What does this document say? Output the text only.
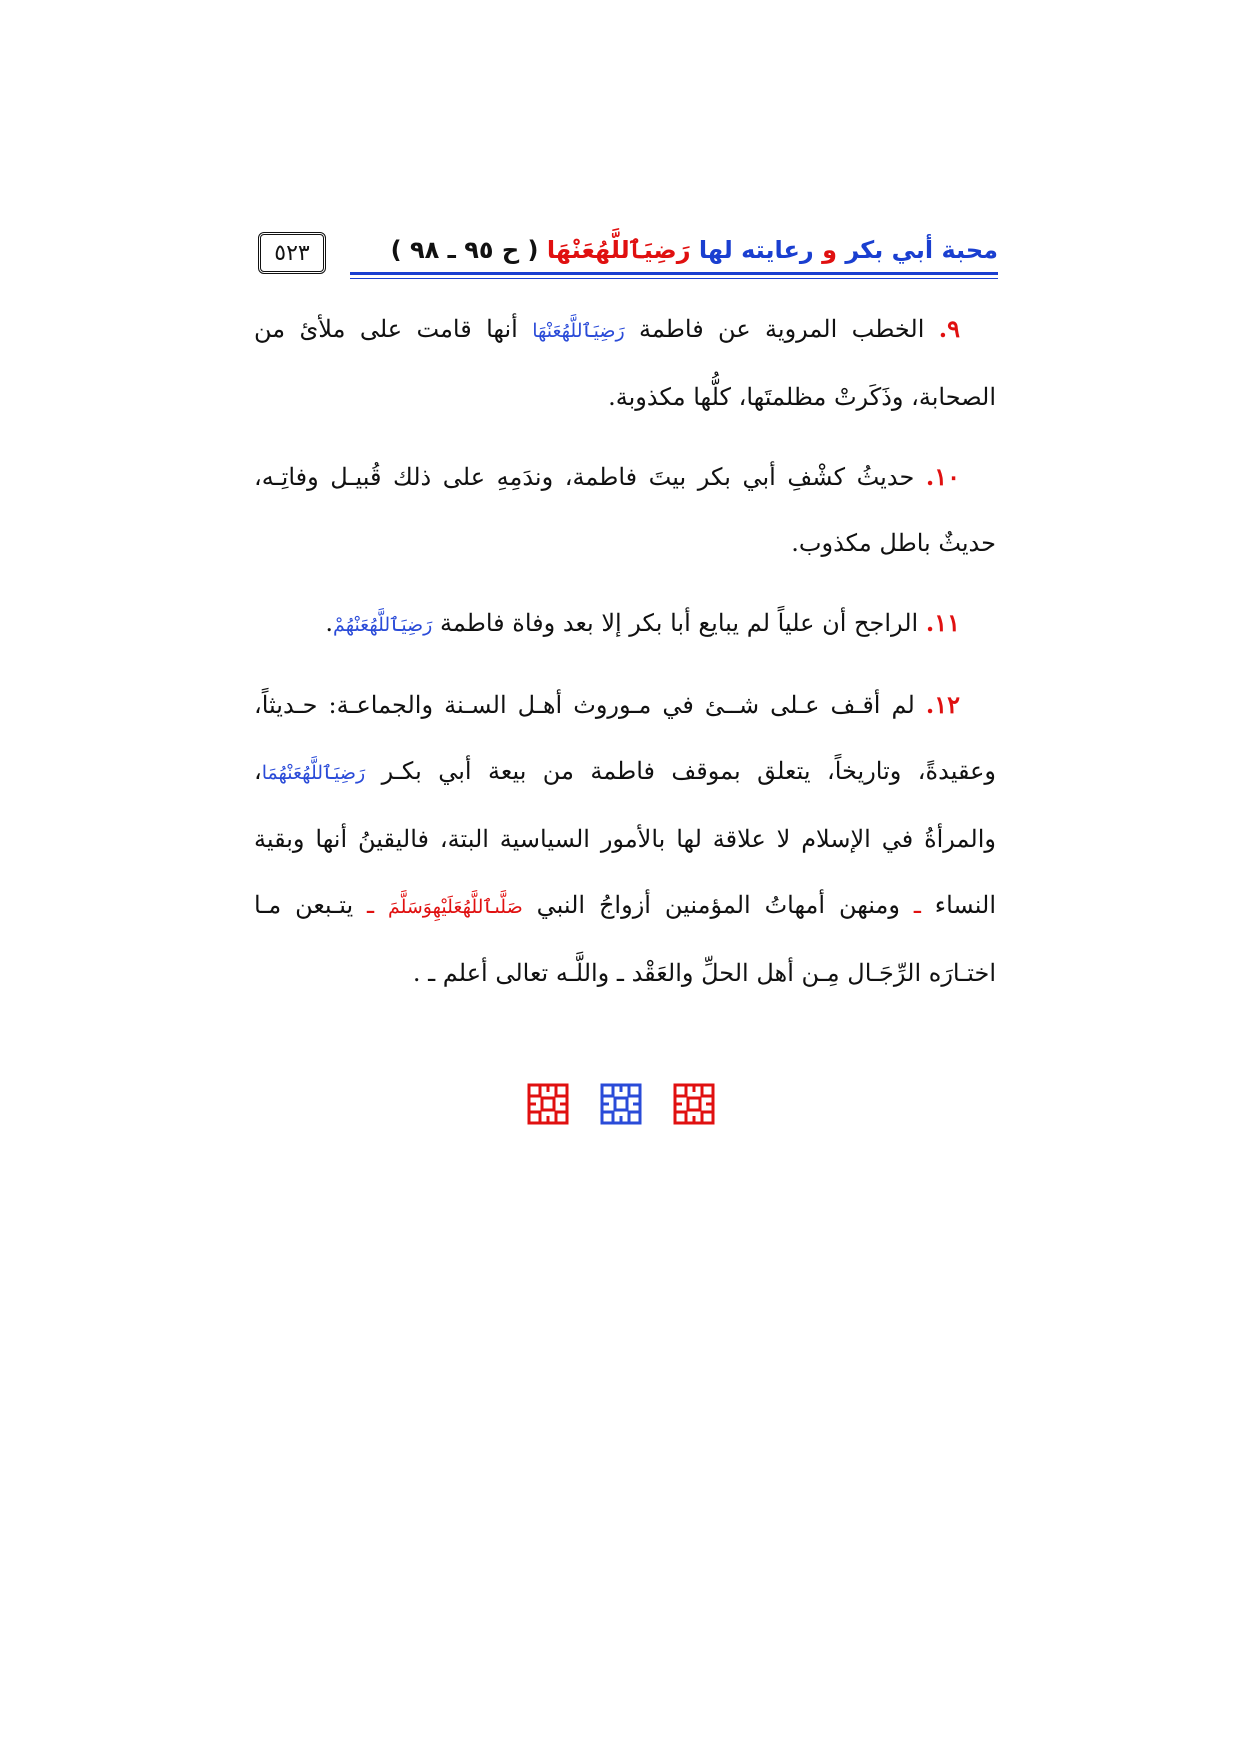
٥٢٣	محبة أبي بكر و رعايته لها رَضِيَٱللَّهُعَنْهَا ( ح ٩٥ ـ ٩٨ )

٩. الخطب المروية عن فاطمة رَضِيَٱللَّهُعَنْهَا أنها قامت على ملأئ من الصحابة، وذَكَرتْ مظلمتَها، كلُّها مكذوبة.

١٠. حديثُ كشْفِ أبي بكر بيتَ فاطمة، وندَمِهِ على ذلك قُبيـل وفاتِـه، حديثٌ باطل مكذوب.

١١. الراجح أن علياً لم يبايع أبا بكر إلا بعد وفاة فاطمة رَضِيَٱللَّهُعَنْهُمْ.

١٢. لم أقـف عـلى شــئ في مـوروث أهـل السـنة والجماعـة: حـديثاً، وعقيدةً، وتاريخاً، يتعلق بموقف فاطمة من بيعة أبي بكـر رَضِيَٱللَّهُعَنْهُمَا، والمرأةُ في الإسلام لا علاقة لها بالأمور السياسية البتة، فاليقينُ أنها وبقية النساء ـ ومنهن أمهاتُ المؤمنين أزواجُ النبي صَلَّىٱللَّهُعَلَيْهِوَسَلَّمَ ـ يتـبعن مـا اختـارَه الرِّجَـال مِـن أهل الحلِّ والعَقْد ـ واللَّـه تعالى أعلم ـ .
